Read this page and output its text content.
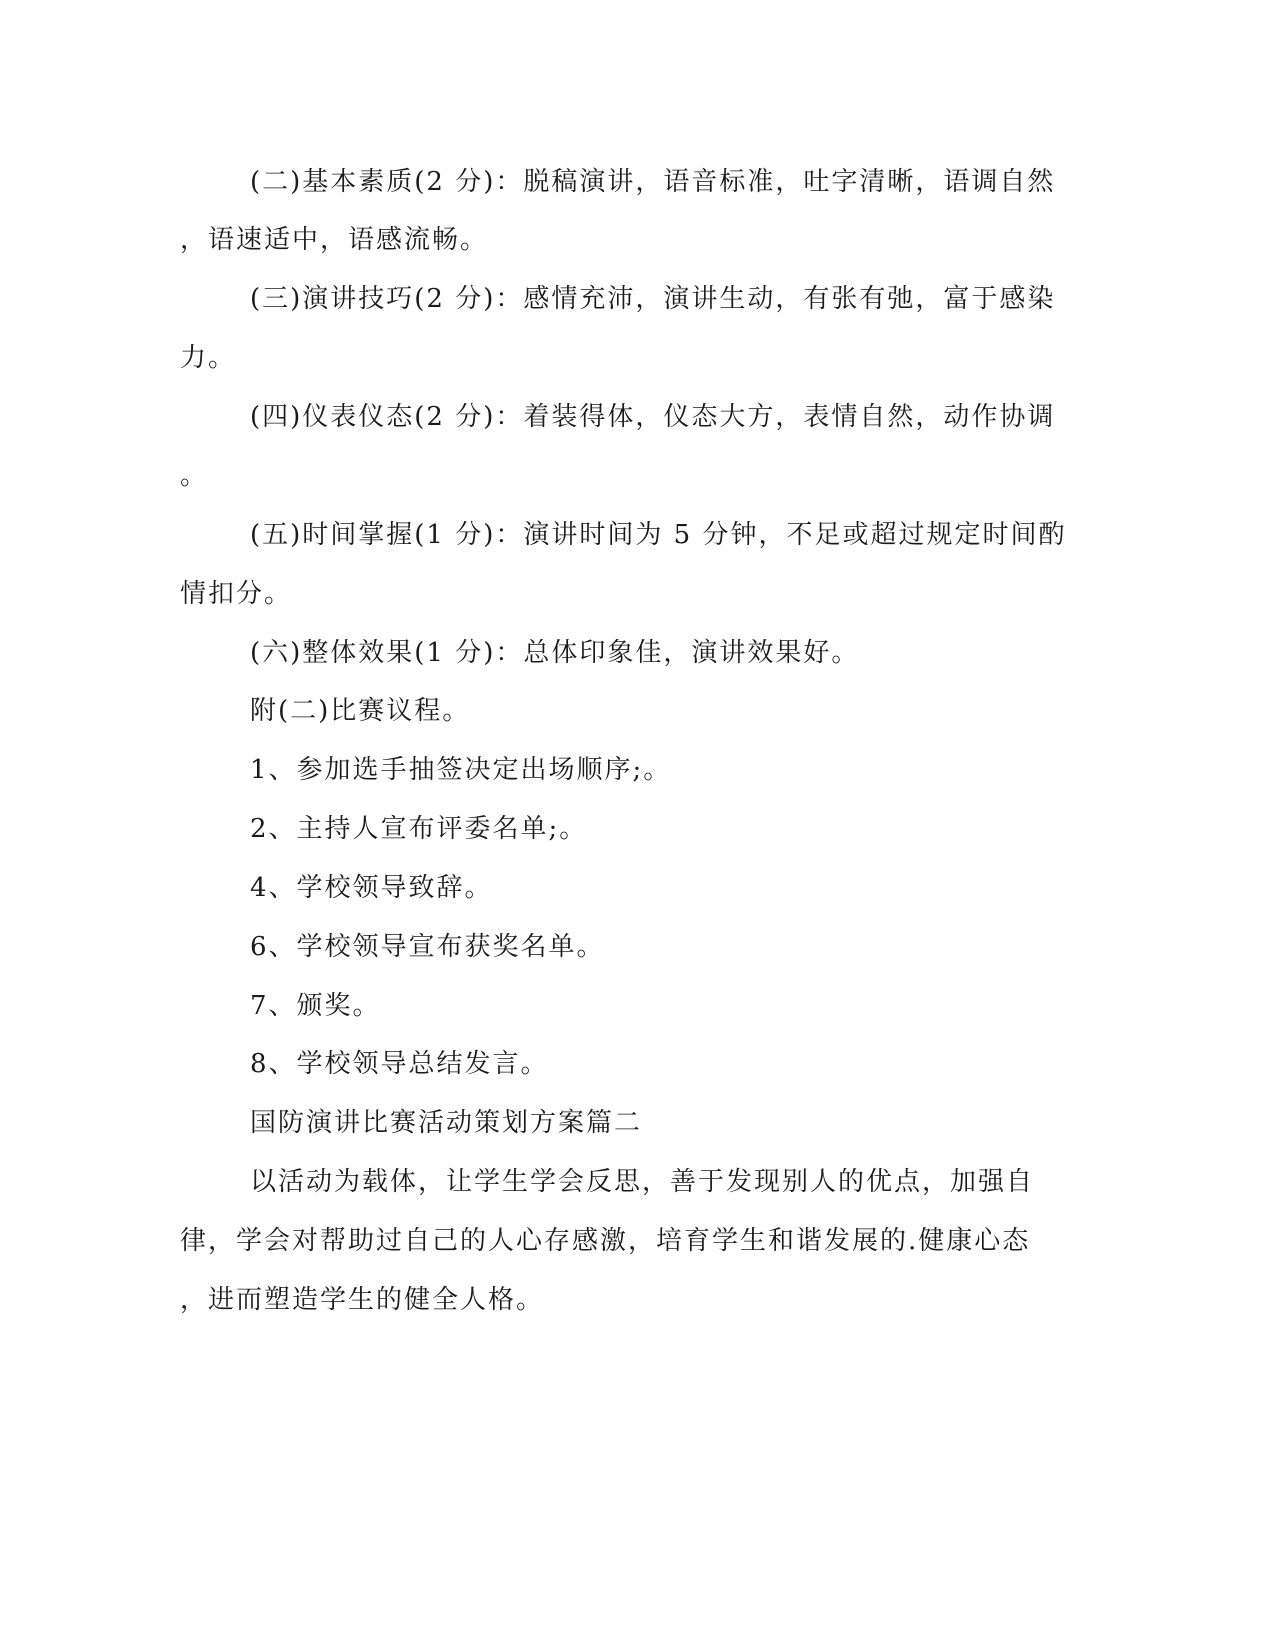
(二)基本素质(2 分)：脱稿演讲，语音标准，吐字清晰，语调自然
，语速适中，语感流畅。
(三)演讲技巧(2 分)：感情充沛，演讲生动，有张有弛，富于感染
力。
(四)仪表仪态(2 分)：着装得体，仪态大方，表情自然，动作协调
。
(五)时间掌握(1 分)：演讲时间为 5 分钟，不足或超过规定时间酌
情扣分。
(六)整体效果(1 分)：总体印象佳，演讲效果好。
附(二)比赛议程。
1、参加选手抽签决定出场顺序;。
2、主持人宣布评委名单;。
4、学校领导致辞。
6、学校领导宣布获奖名单。
7、颁奖。
8、学校领导总结发言。
国防演讲比赛活动策划方案篇二
以活动为载体，让学生学会反思，善于发现别人的优点，加强自
律，学会对帮助过自己的人心存感激，培育学生和谐发展的.健康心态
，进而塑造学生的健全人格。
